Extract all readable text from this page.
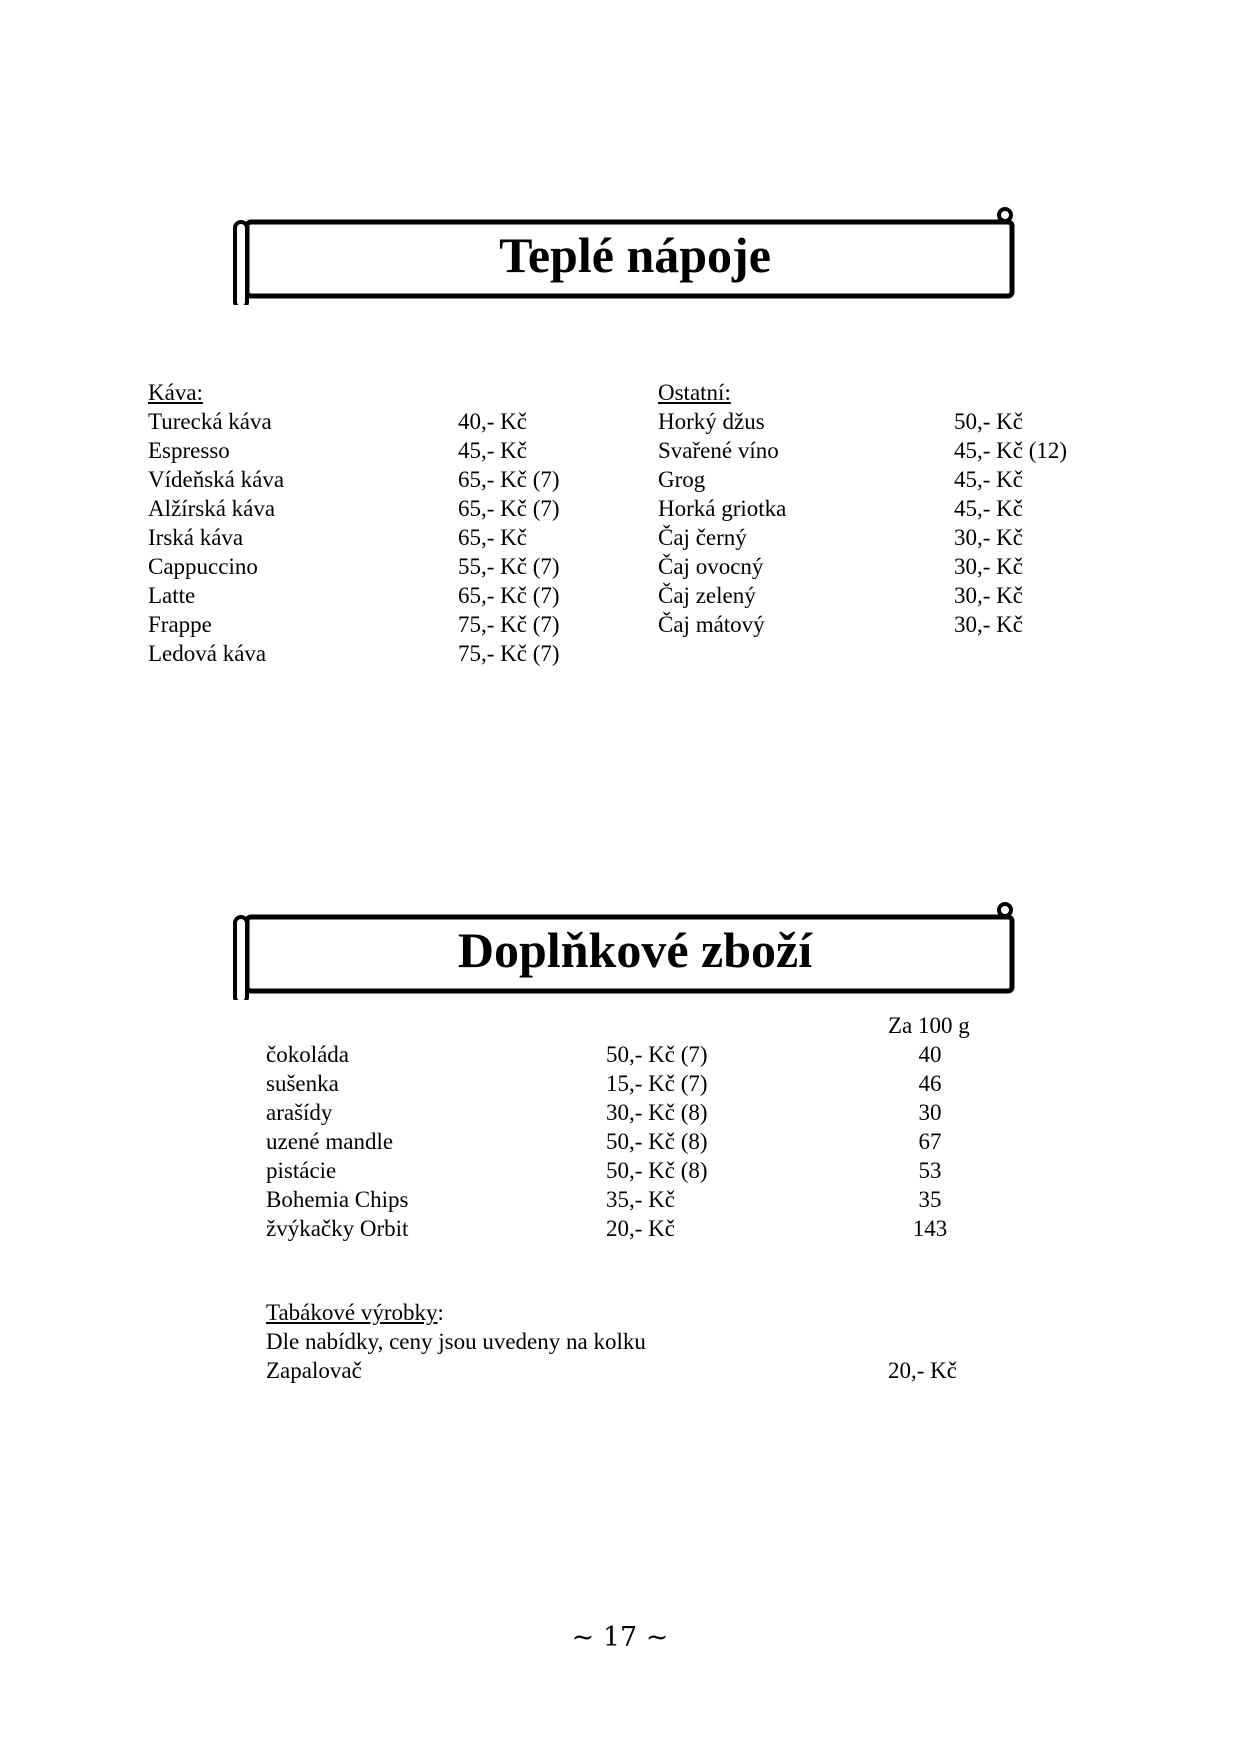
Teplé nápoje
Káva:
Turecká káva	40,- Kč
Espresso	45,- Kč
Vídeňská káva	65,- Kč (7)
Alžírská káva	65,- Kč (7)
Irská káva	65,- Kč
Cappuccino	55,- Kč (7)
Latte	65,- Kč (7)
Frappe	75,- Kč (7)
Ledová káva	75,- Kč (7)
Ostatní:
Horký džus	50,- Kč
Svařené víno	45,- Kč (12)
Grog	45,- Kč
Horká griotka	45,- Kč
Čaj černý	30,- Kč
Čaj ovocný	30,- Kč
Čaj zelený	30,- Kč
Čaj mátový	30,- Kč
Doplňkové zboží
Za 100 g
čokoláda	50,- Kč (7)	40
sušenka	15,- Kč (7)	46
arašídy	30,- Kč (8)	30
uzené mandle	50,- Kč (8)	67
pistácie	50,- Kč (8)	53
Bohemia Chips	35,- Kč	35
žvýkačky Orbit	20,- Kč	143
Tabákové výrobky:
Dle nabídky, ceny jsou uvedeny na kolku
Zapalovač	20,- Kč
~ 17 ~
